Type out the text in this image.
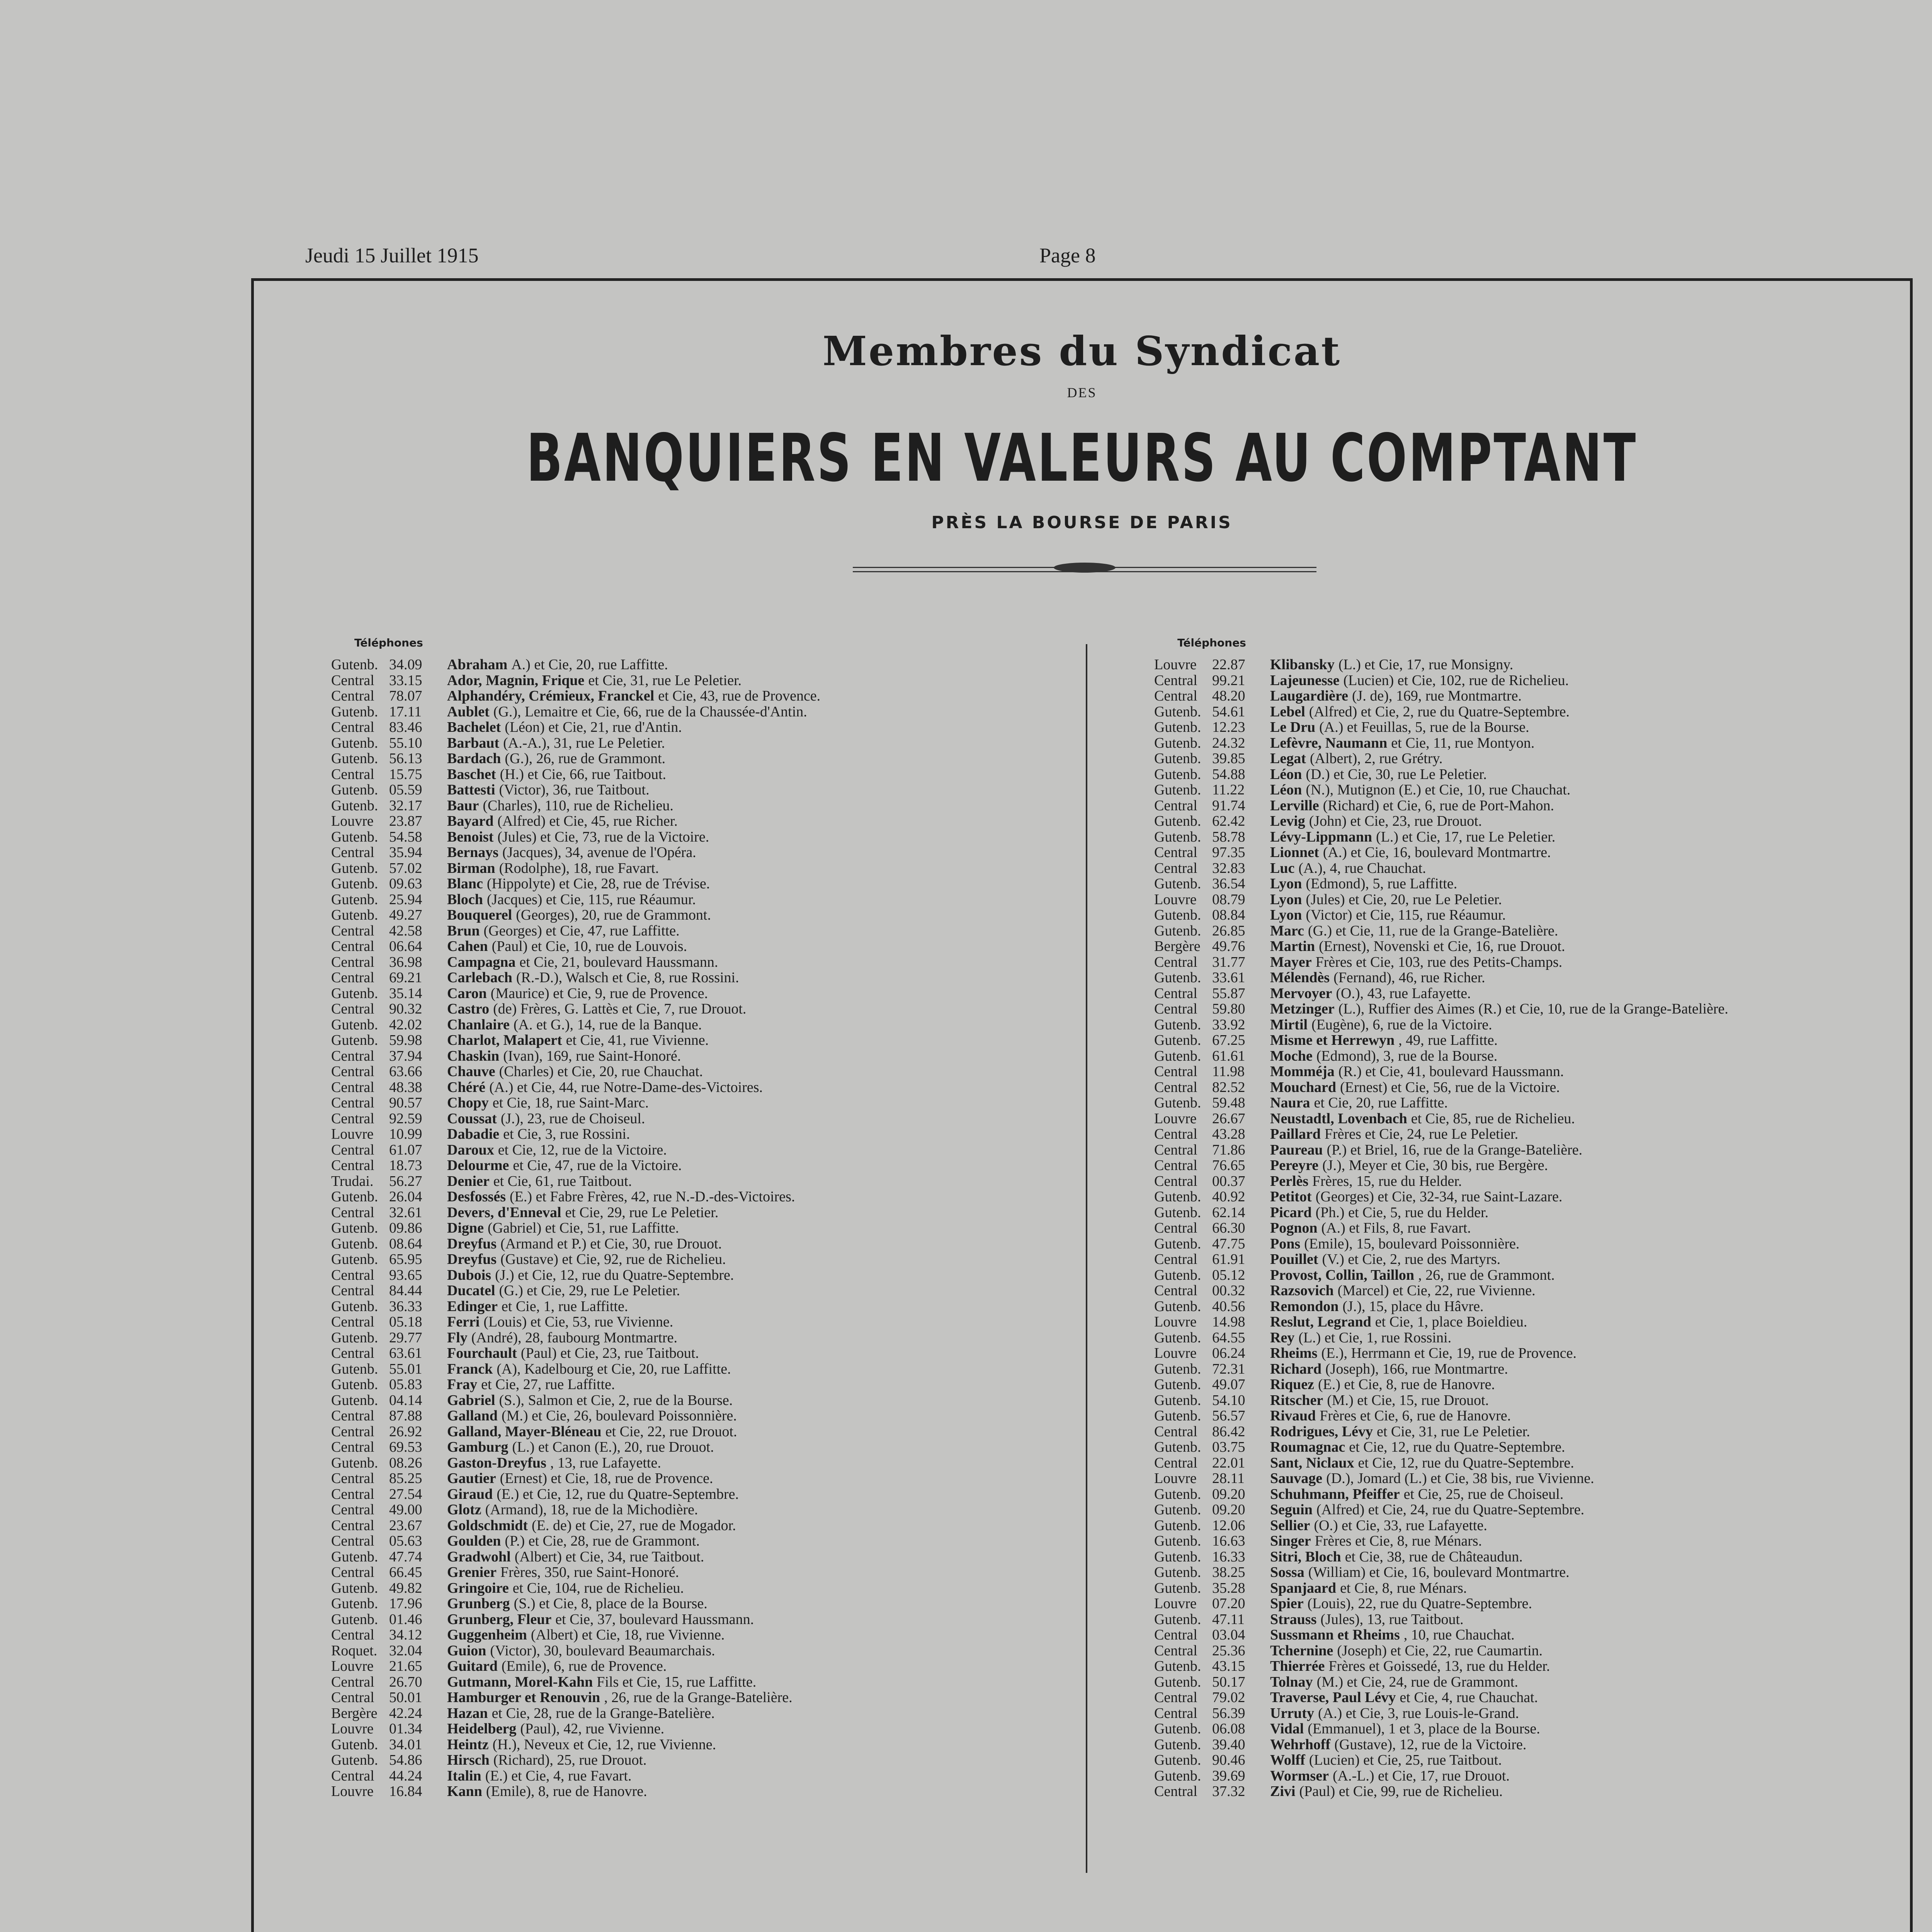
Jeudi 15 Juillet 1915	Page 8
Membres du Syndicat
DES
BANQUIERS EN VALEURS AU COMPTANT
PRÈS LA BOURSE DE PARIS
Téléphones
Gutenb. 34.09	Abraham A.) et Cie, 20, rue Laffitte.
Central	33.15	Ador, Magnin, Frique et Cie, 31, rue Le Peletier.
Central	78.07	Alphandéry, Crémieux, Franckel et Cie, 43, rue de Provence.
Gutenb. 17.11	Aublet (G.), Lemaitre et Cie, 66, rue de la Chaussée-d'Antin.
Central	83.46	Bachelet (Léon) et Cie, 21, rue d'Antin.
Gutenb. 55.10	Barbaut (A.-A.), 31, rue Le Peletier.
Gutenb. 56.13	Bardach (G.), 26, rue de Grammont.
Central	15.75	Baschet (H.) et Cie, 66, rue Taitbout.
Gutenb. 05.59	Battesti (Victor), 36, rue Taitbout.
Gutenb. 32.17	Baur (Charles), 110, rue de Richelieu.
Louvre	23.87	Bayard (Alfred) et Cie, 45, rue Richer.
Gutenb. 54.58	Benoist (Jules) et Cie, 73, rue de la Victoire.
Central	35.94	Bernays (Jacques), 34, avenue de l'Opéra.
Gutenb. 57.02	Birman (Rodolphe), 18, rue Favart.
Gutenb. 09.63	Blanc (Hippolyte) et Cie, 28, rue de Trévise.
Gutenb. 25.94	Bloch (Jacques) et Cie, 115, rue Réaumur.
Gutenb. 49.27	Bouquerel (Georges), 20, rue de Grammont.
Central	42.58	Brun (Georges) et Cie, 47, rue Laffitte.
Central	06.64	Cahen (Paul) et Cie, 10, rue de Louvois.
Central	36.98	Campagna et Cie, 21, boulevard Haussmann.
Central	69.21	Carlebach (R.-D.), Walsch et Cie, 8, rue Rossini.
Gutenb. 35.14	Caron (Maurice) et Cie, 9, rue de Provence.
Central	90.32	Castro (de) Frères, G. Lattès et Cie, 7, rue Drouot.
Gutenb. 42.02	Chanlaire (A. et G.), 14, rue de la Banque.
Gutenb. 59.98	Charlot, Malapert et Cie, 41, rue Vivienne.
Central	37.94	Chaskin (Ivan), 169, rue Saint-Honoré.
Central	63.66	Chauve (Charles) et Cie, 20, rue Chauchat.
Central	48.38	Chéré (A.) et Cie, 44, rue Notre-Dame-des-Victoires.
Central	90.57	Chopy et Cie, 18, rue Saint-Marc.
Central	92.59	Coussat (J.), 23, rue de Choiseul.
Louvre	10.99	Dabadie et Cie, 3, rue Rossini.
Central	61.07	Daroux et Cie, 12, rue de la Victoire.
Central	18.73	Delourme et Cie, 47, rue de la Victoire.
Trudai.	56.27	Denier et Cie, 61, rue Taitbout.
Gutenb. 26.04	Desfossés (E.) et Fabre Frères, 42, rue N.-D.-des-Victoires.
Central	32.61	Devers, d'Enneval et Cie, 29, rue Le Peletier.
Gutenb. 09.86	Digne (Gabriel) et Cie, 51, rue Laffitte.
Gutenb. 08.64	Dreyfus (Armand et P.) et Cie, 30, rue Drouot.
Gutenb. 65.95	Dreyfus (Gustave) et Cie, 92, rue de Richelieu.
Central	93.65	Dubois (J.) et Cie, 12, rue du Quatre-Septembre.
Central	84.44	Ducatel (G.) et Cie, 29, rue Le Peletier.
Gutenb. 36.33	Edinger et Cie, 1, rue Laffitte.
Central	05.18	Ferri (Louis) et Cie, 53, rue Vivienne.
Gutenb. 29.77	Fly (André), 28, faubourg Montmartre.
Central	63.61	Fourchault (Paul) et Cie, 23, rue Taitbout.
Gutenb. 55.01	Franck (A), Kadelbourg et Cie, 20, rue Laffitte.
Gutenb. 05.83	Fray et Cie, 27, rue Laffitte.
Gutenb. 04.14	Gabriel (S.), Salmon et Cie, 2, rue de la Bourse.
Central	87.88	Galland (M.) et Cie, 26, boulevard Poissonnière.
Central	26.92	Galland, Mayer-Bléneau et Cie, 22, rue Drouot.
Central	69.53	Gamburg (L.) et Canon (E.), 20, rue Drouot.
Gutenb. 08.26	Gaston-Dreyfus , 13, rue Lafayette.
Central	85.25	Gautier (Ernest) et Cie, 18, rue de Provence.
Central	27.54	Giraud (E.) et Cie, 12, rue du Quatre-Septembre.
Central	49.00	Glotz (Armand), 18, rue de la Michodière.
Central	23.67	Goldschmidt (E. de) et Cie, 27, rue de Mogador.
Central	05.63	Goulden (P.) et Cie, 28, rue de Grammont.
Gutenb. 47.74	Gradwohl (Albert) et Cie, 34, rue Taitbout.
Central	66.45	Grenier Frères, 350, rue Saint-Honoré.
Gutenb. 49.82	Gringoire et Cie, 104, rue de Richelieu.
Gutenb. 17.96	Grunberg (S.) et Cie, 8, place de la Bourse.
Gutenb. 01.46	Grunberg, Fleur et Cie, 37, boulevard Haussmann.
Central	34.12	Guggenheim (Albert) et Cie, 18, rue Vivienne.
Roquet. 32.04	Guion (Victor), 30, boulevard Beaumarchais.
Louvre	21.65	Guitard (Emile), 6, rue de Provence.
Central	26.70	Gutmann, Morel-Kahn Fils et Cie, 15, rue Laffitte.
Central	50.01	Hamburger et Renouvin , 26, rue de la Grange-Batelière.
Bergère 42.24	Hazan et Cie, 28, rue de la Grange-Batelière.
Louvre	01.34	Heidelberg (Paul), 42, rue Vivienne.
Gutenb. 34.01	Heintz (H.), Neveux et Cie, 12, rue Vivienne.
Gutenb. 54.86	Hirsch (Richard), 25, rue Drouot.
Central	44.24	Italin (E.) et Cie, 4, rue Favart.
Louvre	16.84	Kann (Emile), 8, rue de Hanovre.
Téléphones
Louvre	22.87	Klibansky (L.) et Cie, 17, rue Monsigny.
Central	99.21	Lajeunesse (Lucien) et Cie, 102, rue de Richelieu.
Central	48.20	Laugardière (J. de), 169, rue Montmartre.
Gutenb. 54.61	Lebel (Alfred) et Cie, 2, rue du Quatre-Septembre.
Gutenb. 12.23	Le Dru (A.) et Feuillas, 5, rue de la Bourse.
Gutenb. 24.32	Lefèvre, Naumann et Cie, 11, rue Montyon.
Gutenb. 39.85	Legat (Albert), 2, rue Grétry.
Gutenb. 54.88	Léon (D.) et Cie, 30, rue Le Peletier.
Gutenb. 11.22	Léon (N.), Mutignon (E.) et Cie, 10, rue Chauchat.
Central	91.74	Lerville (Richard) et Cie, 6, rue de Port-Mahon.
Gutenb. 62.42	Levig (John) et Cie, 23, rue Drouot.
Gutenb. 58.78	Lévy-Lippmann (L.) et Cie, 17, rue Le Peletier.
Central	97.35	Lionnet (A.) et Cie, 16, boulevard Montmartre.
Central	32.83	Luc (A.), 4, rue Chauchat.
Gutenb. 36.54	Lyon (Edmond), 5, rue Laffitte.
Louvre	08.79	Lyon (Jules) et Cie, 20, rue Le Peletier.
Gutenb. 08.84	Lyon (Victor) et Cie, 115, rue Réaumur.
Gutenb. 26.85	Marc (G.) et Cie, 11, rue de la Grange-Batelière.
Bergère 49.76	Martin (Ernest), Novenski et Cie, 16, rue Drouot.
Central	31.77	Mayer Frères et Cie, 103, rue des Petits-Champs.
Gutenb. 33.61	Mélendès (Fernand), 46, rue Richer.
Central	55.87	Mervoyer (O.), 43, rue Lafayette.
Central	59.80	Metzinger (L.), Ruffier des Aimes (R.) et Cie, 10, rue de la Grange-Batelière.
Gutenb. 33.92	Mirtil (Eugène), 6, rue de la Victoire.
Gutenb. 67.25	Misme et Herrewyn , 49, rue Laffitte.
Gutenb. 61.61	Moche (Edmond), 3, rue de la Bourse.
Central	11.98	Momméja (R.) et Cie, 41, boulevard Haussmann.
Central	82.52	Mouchard (Ernest) et Cie, 56, rue de la Victoire.
Gutenb. 59.48	Naura et Cie, 20, rue Laffitte.
Louvre	26.67	Neustadtl, Lovenbach et Cie, 85, rue de Richelieu.
Central	43.28	Paillard Frères et Cie, 24, rue Le Peletier.
Central	71.86	Paureau (P.) et Briel, 16, rue de la Grange-Batelière.
Central	76.65	Pereyre (J.), Meyer et Cie, 30 bis, rue Bergère.
Central	00.37	Perlès Frères, 15, rue du Helder.
Gutenb. 40.92	Petitot (Georges) et Cie, 32-34, rue Saint-Lazare.
Gutenb. 62.14	Picard (Ph.) et Cie, 5, rue du Helder.
Central	66.30	Pognon (A.) et Fils, 8, rue Favart.
Gutenb. 47.75	Pons (Emile), 15, boulevard Poissonnière.
Central	61.91	Pouillet (V.) et Cie, 2, rue des Martyrs.
Gutenb. 05.12	Provost, Collin, Taillon , 26, rue de Grammont.
Central	00.32	Razsovich (Marcel) et Cie, 22, rue Vivienne.
Gutenb. 40.56	Remondon (J.), 15, place du Hâvre.
Louvre	14.98	Reslut, Legrand et Cie, 1, place Boieldieu.
Gutenb. 64.55	Rey (L.) et Cie, 1, rue Rossini.
Louvre	06.24	Rheims (E.), Herrmann et Cie, 19, rue de Provence.
Gutenb. 72.31	Richard (Joseph), 166, rue Montmartre.
Gutenb. 49.07	Riquez (E.) et Cie, 8, rue de Hanovre.
Gutenb. 54.10	Ritscher (M.) et Cie, 15, rue Drouot.
Gutenb. 56.57	Rivaud Frères et Cie, 6, rue de Hanovre.
Central	86.42	Rodrigues, Lévy et Cie, 31, rue Le Peletier.
Gutenb. 03.75	Roumagnac et Cie, 12, rue du Quatre-Septembre.
Central	22.01	Sant, Niclaux et Cie, 12, rue du Quatre-Septembre.
Louvre	28.11	Sauvage (D.), Jomard (L.) et Cie, 38 bis, rue Vivienne.
Gutenb. 09.20	Schuhmann, Pfeiffer et Cie, 25, rue de Choiseul.
Gutenb. 09.20	Seguin (Alfred) et Cie, 24, rue du Quatre-Septembre.
Gutenb. 12.06	Sellier (O.) et Cie, 33, rue Lafayette.
Gutenb. 16.63	Singer Frères et Cie, 8, rue Ménars.
Gutenb. 16.33	Sitri, Bloch et Cie, 38, rue de Châteaudun.
Gutenb. 38.25	Sossa (William) et Cie, 16, boulevard Montmartre.
Gutenb. 35.28	Spanjaard et Cie, 8, rue Ménars.
Louvre	07.20	Spier (Louis), 22, rue du Quatre-Septembre.
Gutenb. 47.11	Strauss (Jules), 13, rue Taitbout.
Central	03.04	Sussmann et Rheims , 10, rue Chauchat.
Central	25.36	Tchernine (Joseph) et Cie, 22, rue Caumartin.
Gutenb. 43.15	Thierrée Frères et Goissedé, 13, rue du Helder.
Gutenb. 50.17	Tolnay (M.) et Cie, 24, rue de Grammont.
Central	79.02	Traverse, Paul Lévy et Cie, 4, rue Chauchat.
Central	56.39	Urruty (A.) et Cie, 3, rue Louis-le-Grand.
Gutenb. 06.08	Vidal (Emmanuel), 1 et 3, place de la Bourse.
Gutenb. 39.40	Wehrhoff (Gustave), 12, rue de la Victoire.
Gutenb. 90.46	Wolff (Lucien) et Cie, 25, rue Taitbout.
Gutenb. 39.69	Wormser (A.-L.) et Cie, 17, rue Drouot.
Central	37.32	Zivi (Paul) et Cie, 99, rue de Richelieu.
